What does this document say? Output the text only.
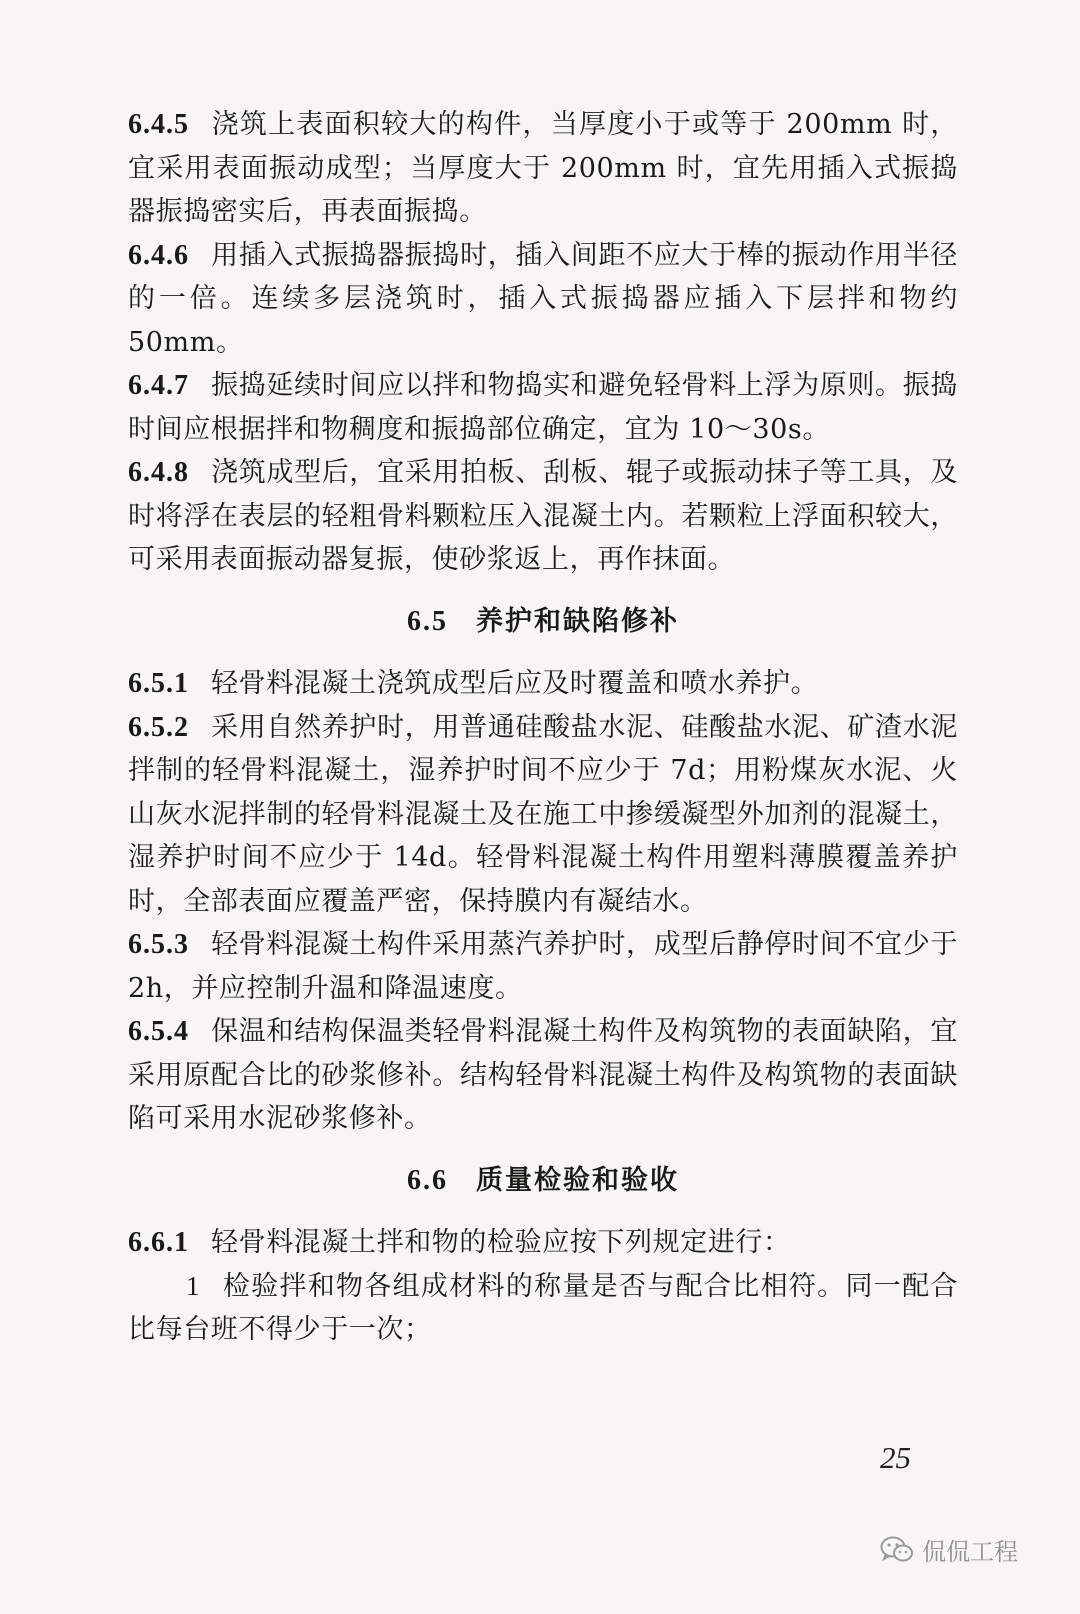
6.4.5 浇筑上表面积较大的构件，当厚度小于或等于 200mm 时，宜采用表面振动成型；当厚度大于 200mm 时，宜先用插入式振捣器振捣密实后，再表面振捣。

6.4.6 用插入式振捣器振捣时，插入间距不应大于棒的振动作用半径的一倍。连续多层浇筑时，插入式振捣器应插入下层拌和物约 50mm。

6.4.7 振捣延续时间应以拌和物捣实和避免轻骨料上浮为原则。振捣时间应根据拌和物稠度和振捣部位确定，宜为 10～30s。

6.4.8 浇筑成型后，宜采用拍板、刮板、辊子或振动抹子等工具，及时将浮在表层的轻粗骨料颗粒压入混凝土内。若颗粒上浮面积较大，可采用表面振动器复振，使砂浆返上，再作抹面。

6.5 养护和缺陷修补

6.5.1 轻骨料混凝土浇筑成型后应及时覆盖和喷水养护。

6.5.2 采用自然养护时，用普通硅酸盐水泥、硅酸盐水泥、矿渣水泥拌制的轻骨料混凝土，湿养护时间不应少于 7d；用粉煤灰水泥、火山灰水泥拌制的轻骨料混凝土及在施工中掺缓凝型外加剂的混凝土，湿养护时间不应少于 14d。轻骨料混凝土构件用塑料薄膜覆盖养护时，全部表面应覆盖严密，保持膜内有凝结水。

6.5.3 轻骨料混凝土构件采用蒸汽养护时，成型后静停时间不宜少于 2h，并应控制升温和降温速度。

6.5.4 保温和结构保温类轻骨料混凝土构件及构筑物的表面缺陷，宜采用原配合比的砂浆修补。结构轻骨料混凝土构件及构筑物的表面缺陷可采用水泥砂浆修补。

6.6 质量检验和验收

6.6.1 轻骨料混凝土拌和物的检验应按下列规定进行：

1 检验拌和物各组成材料的称量是否与配合比相符。同一配合比每台班不得少于一次；

25
侃侃工程
